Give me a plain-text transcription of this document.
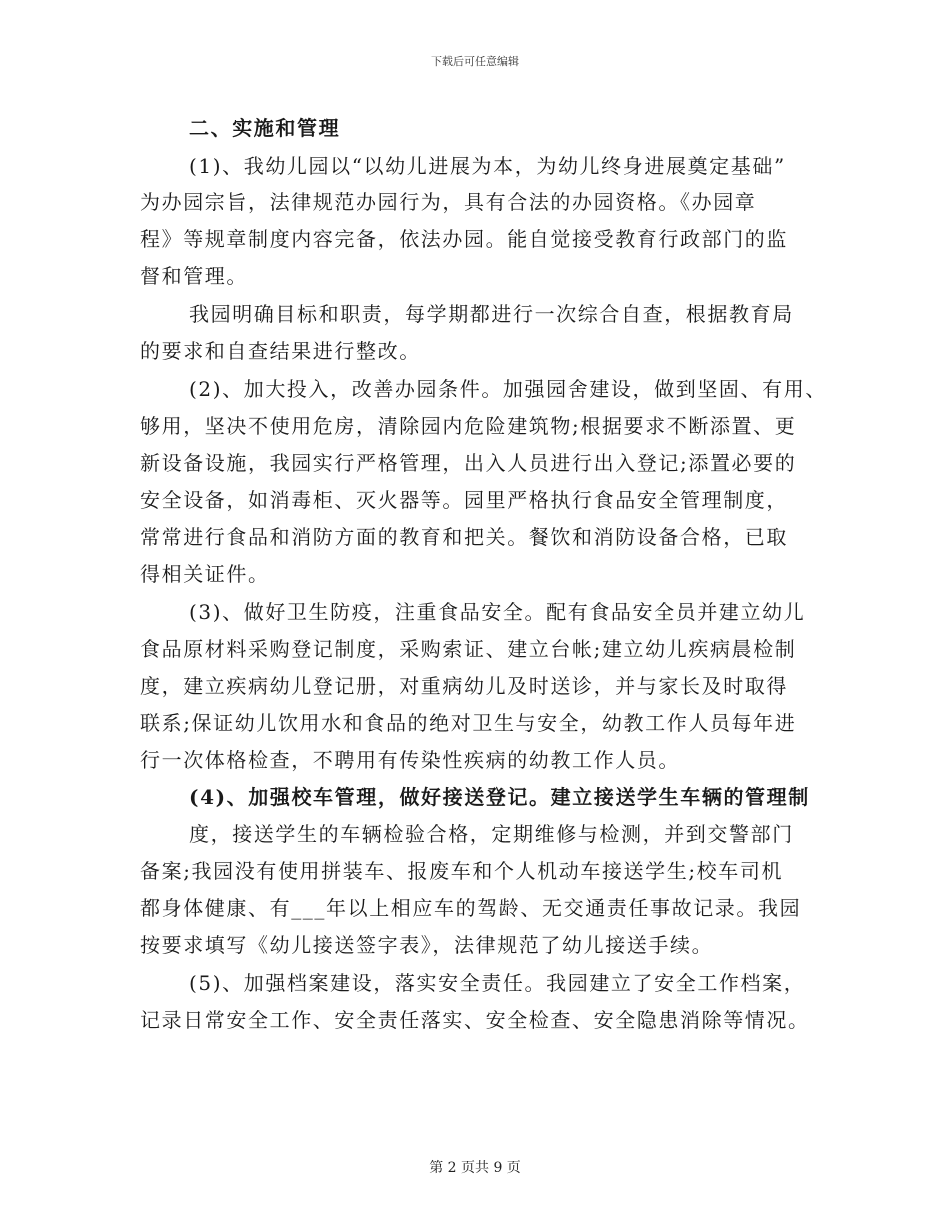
下载后可任意编辑
二、实施和管理
(1)、我幼儿园以“以幼儿进展为本，为幼儿终身进展奠定基础”
为办园宗旨，法律规范办园行为，具有合法的办园资格。《办园章
程》等规章制度内容完备，依法办园。能自觉接受教育行政部门的监
督和管理。
我园明确目标和职责，每学期都进行一次综合自查，根据教育局
的要求和自查结果进行整改。
(2)、加大投入，改善办园条件。加强园舍建设，做到坚固、有用、
够用，坚决不使用危房，清除园内危险建筑物;根据要求不断添置、更
新设备设施，我园实行严格管理，出入人员进行出入登记;添置必要的
安全设备，如消毒柜、灭火器等。园里严格执行食品安全管理制度，
常常进行食品和消防方面的教育和把关。餐饮和消防设备合格，已取
得相关证件。
(3)、做好卫生防疫，注重食品安全。配有食品安全员并建立幼儿
食品原材料采购登记制度，采购索证、建立台帐;建立幼儿疾病晨检制
度，建立疾病幼儿登记册，对重病幼儿及时送诊，并与家长及时取得
联系;保证幼儿饮用水和食品的绝对卫生与安全，幼教工作人员每年进
行一次体格检查，不聘用有传染性疾病的幼教工作人员。
(4)、加强校车管理，做好接送登记。建立接送学生车辆的管理制
度，接送学生的车辆检验合格，定期维修与检测，并到交警部门
备案;我园没有使用拼装车、报废车和个人机动车接送学生;校车司机
都身体健康、有___年以上相应车的驾龄、无交通责任事故记录。我园
按要求填写《幼儿接送签字表》，法律规范了幼儿接送手续。
(5)、加强档案建设，落实安全责任。我园建立了安全工作档案，
记录日常安全工作、安全责任落实、安全检查、安全隐患消除等情况。
第 2 页共 9 页
